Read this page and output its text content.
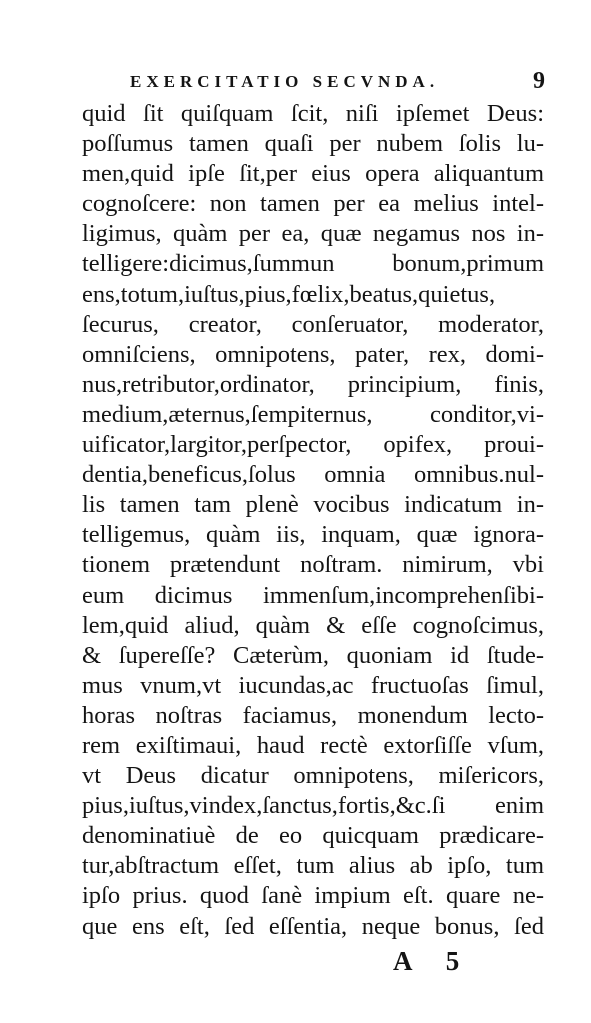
EXERCITATIO SECVNDA.	9
quid ſit quiſquam ſcit, niſi ipſemet Deus:
poſſumus tamen quaſi per nubem ſolis lu-
men,quid ipſe ſit,per eius opera aliquantum
cognoſcere: non tamen per ea melius intel-
ligimus, quàm per ea, quæ negamus nos in-
telligere:dicimus,ſummun bonum,primum
ens,totum,iuſtus,pius,fœlix,beatus,quietus,
ſecurus, creator, conſeruator, moderator,
omniſciens, omnipotens, pater, rex, domi-
nus,retributor,ordinator, principium, finis,
medium,æternus,ſempiternus, conditor,vi-
uificator,largitor,perſpector, opifex, proui-
dentia,beneficus,ſolus omnia omnibus.nul-
lis tamen tam plenè vocibus indicatum in-
telligemus, quàm iis, inquam, quæ ignora-
tionem prætendunt noſtram. nimirum, vbi
eum dicimus immenſum,incomprehenſibi-
lem,quid aliud, quàm & eſſe cognoſcimus,
& ſupereſſe? Cæterùm, quoniam id ſtude-
mus vnum,vt iucundas,ac fructuoſas ſimul,
horas noſtras faciamus, monendum lecto-
rem exiſtimaui, haud rectè extorſiſſe vſum,
vt Deus dicatur omnipotens, miſericors,
pius,iuſtus,vindex,ſanctus,fortis,&c.ſi enim
denominatiuè de eo quicquam prædicare-
tur,abſtractum eſſet, tum alius ab ipſo, tum
ipſo prius. quod ſanè impium eſt. quare ne-
que ens eſt, ſed eſſentia, neque bonus, ſed
A 5
